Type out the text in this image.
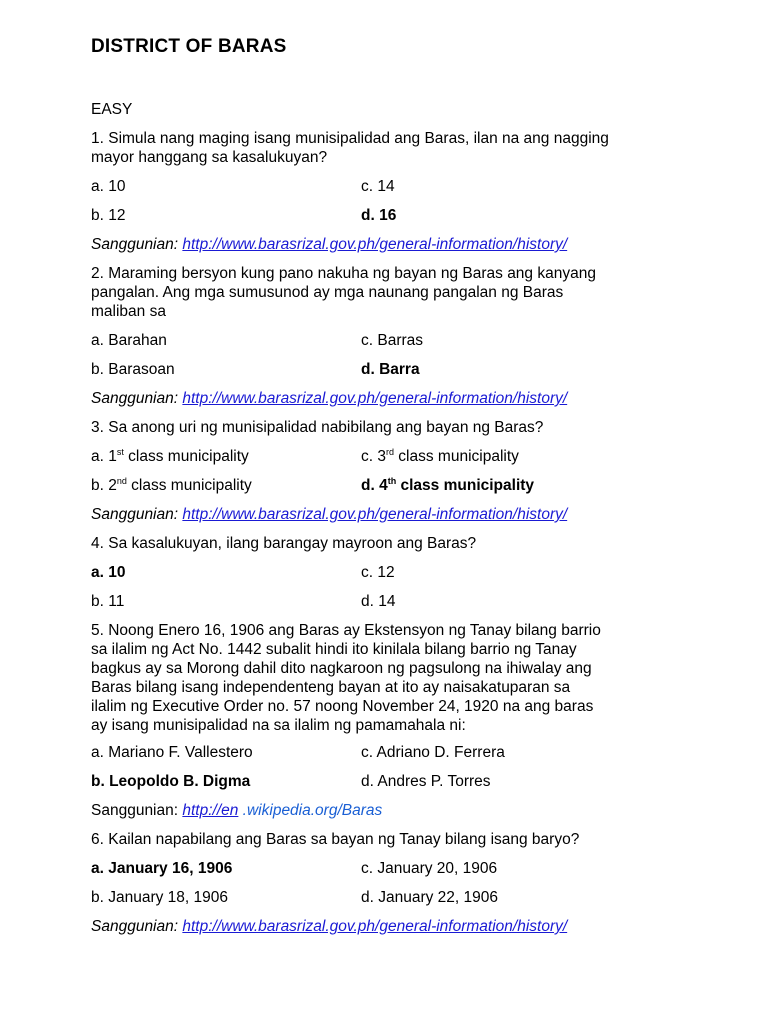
DISTRICT OF BARAS
EASY
1. Simula nang maging isang munisipalidad ang Baras, ilan na ang nagging
mayor hanggang sa kasalukuyan?
a. 10	c. 14
b. 12	d. 16
Sanggunian: http://www.barasrizal.gov.ph/general-information/history/
2. Maraming bersyon kung pano nakuha ng bayan ng Baras ang kanyang
pangalan. Ang mga sumusunod ay mga naunang pangalan ng Baras
maliban sa
a. Barahan	c. Barras
b. Barasoan	d. Barra
Sanggunian: http://www.barasrizal.gov.ph/general-information/history/
3. Sa anong uri ng munisipalidad nabibilang ang bayan ng Baras?
a. 1st class municipality	c. 3rd class municipality
b. 2nd class municipality	d. 4th class municipality
Sanggunian: http://www.barasrizal.gov.ph/general-information/history/
4. Sa kasalukuyan, ilang barangay mayroon ang Baras?
a. 10	c. 12
b. 11	d. 14
5. Noong Enero 16, 1906 ang Baras ay Ekstensyon ng Tanay bilang barrio
sa ilalim ng Act No. 1442 subalit hindi ito kinilala bilang barrio ng Tanay
bagkus ay sa Morong dahil dito nagkaroon ng pagsulong na ihiwalay ang
Baras bilang isang independenteng bayan at ito ay naisakatuparan sa
ilalim ng Executive Order no. 57 noong November 24, 1920 na ang baras
ay isang munisipalidad na sa ilalim ng pamamahala ni:
a. Mariano F. Vallestero	c. Adriano D. Ferrera
b. Leopoldo B. Digma	d. Andres P. Torres
Sanggunian: http://en .wikipedia.org/Baras
6. Kailan napabilang ang Baras sa bayan ng Tanay bilang isang baryo?
a. January 16, 1906	c. January 20, 1906
b. January 18, 1906	d. January 22, 1906
Sanggunian: http://www.barasrizal.gov.ph/general-information/history/
